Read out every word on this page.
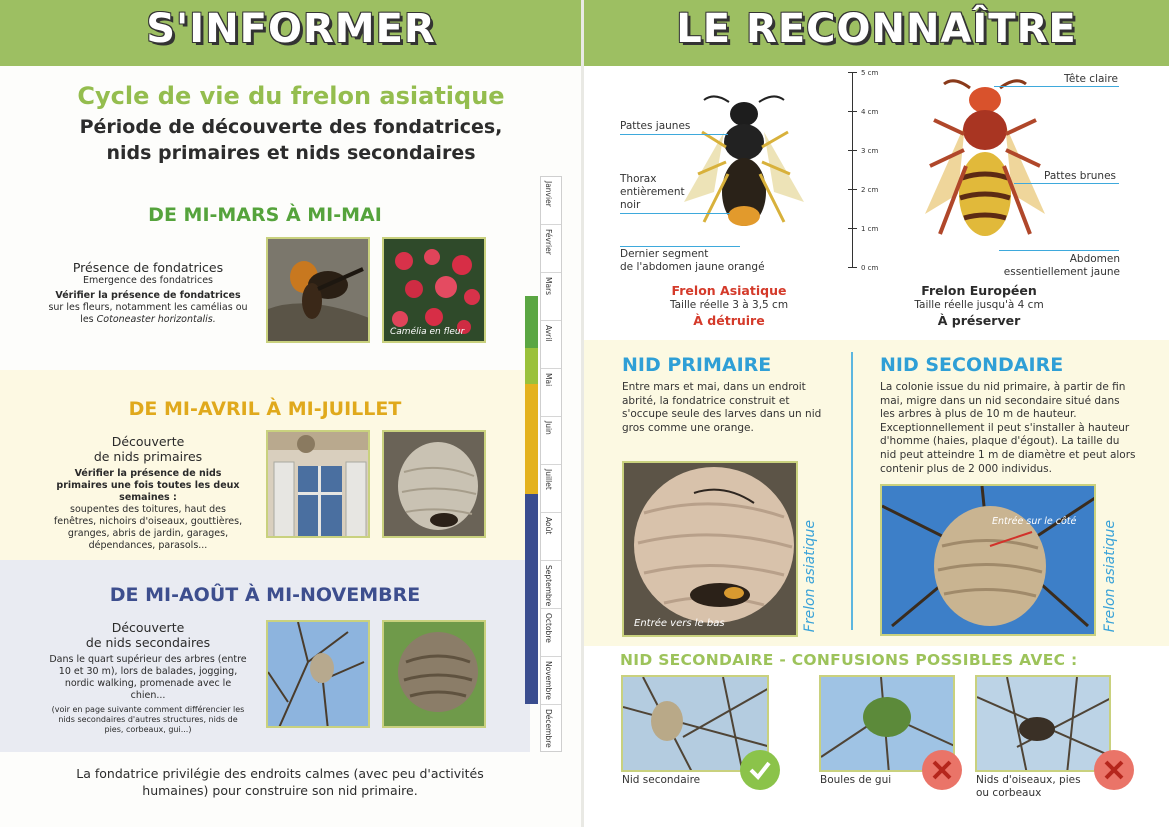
S'INFORMER
Cycle de vie du frelon asiatique
Période de découverte des fondatrices,
nids primaires et nids secondaires
DE MI-MARS À MI-MAI
Présence de fondatrices
Emergence des fondatrices
Vérifier la présence de fondatrices
sur les fleurs, notamment les camélias ou les Cotoneaster horizontalis.
Camélia en fleur
DE MI-AVRIL À MI-JUILLET
Découverte
de nids primaires
Vérifier la présence de nids primaires une fois toutes les deux semaines :
soupentes des toitures, haut des fenêtres, nichoirs d'oiseaux, gouttières, granges, abris de jardin, garages, dépendances, parasols...
DE MI-AOÛT À MI-NOVEMBRE
Découverte
de nids secondaires
Dans le quart supérieur des arbres (entre 10 et 30 m), lors de balades, jogging, nordic walking, promenade avec le chien...
(voir en page suivante comment différencier les nids secondaires d'autres structures, nids de pies, corbeaux, gui...)
Janvier
Février
Mars
Avril
Mai
Juin
Juillet
Août
Septembre
Octobre
Novembre
Décembre
La fondatrice privilégie des endroits calmes (avec peu d'activités
humaines) pour construire son nid primaire.
LE RECONNAÎTRE
Pattes jaunes
Thorax
entièrement
noir
Dernier segment
de l'abdomen jaune orangé
Frelon Asiatique
Taille réelle 3 à 3,5 cm
À détruire
5 cm
4 cm
3 cm
2 cm
1 cm
0 cm
Tête claire
Pattes brunes
Abdomen
essentiellement jaune
Frelon Européen
Taille réelle jusqu'à 4 cm
À préserver
NID PRIMAIRE
Entre mars et mai, dans un endroit abrité, la fondatrice construit et s'occupe seule des larves dans un nid gros comme une orange.
Entrée vers le bas	Frelon asiatique
NID SECONDAIRE
La colonie issue du nid primaire, à partir de fin mai, migre dans un nid secondaire situé dans les arbres à plus de 10 m de hauteur. Exceptionnellement il peut s'installer à hauteur d'homme (haies, plaque d'égout). La taille du nid peut atteindre 1 m de diamètre et peut alors contenir plus de 2 000 individus.
Entrée sur le côté Frelon asiatique
NID SECONDAIRE - CONFUSIONS POSSIBLES AVEC :
Nid secondaire	Boules de gui	Nids d'oiseaux, pies
ou corbeaux
